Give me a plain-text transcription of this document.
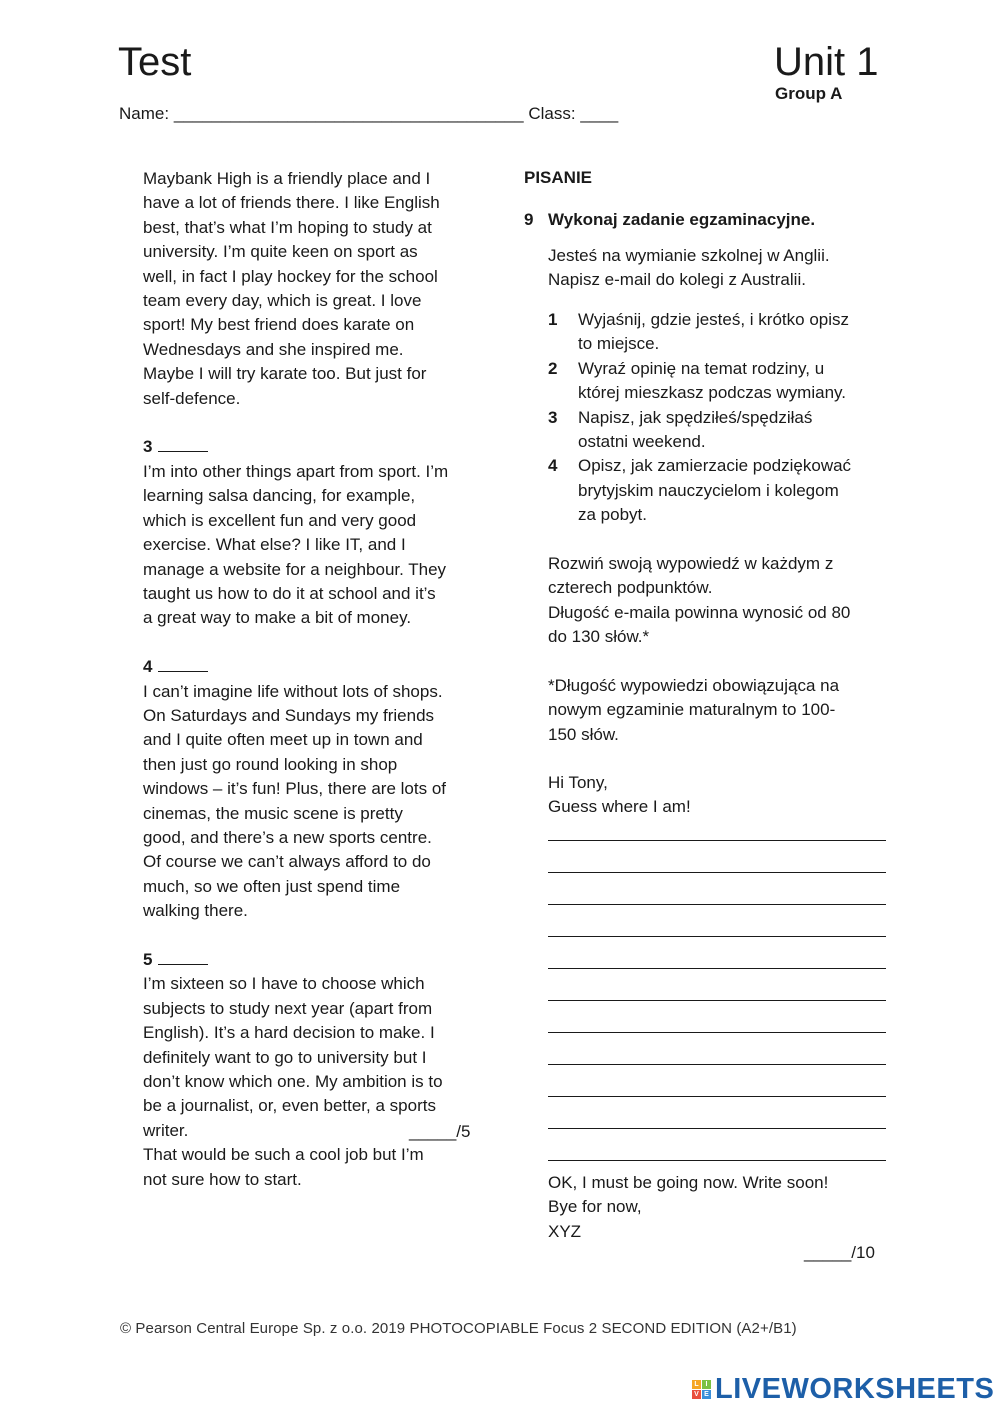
Test	Unit 1
Group A
Name: _____________________________________ Class: ____
Maybank High is a friendly place and I
have a lot of friends there. I like English
best, that’s what I’m hoping to study at
university. I’m quite keen on sport as
well, in fact I play hockey for the school
team every day, which is great. I love
sport! My best friend does karate on
Wednesdays and she inspired me.
Maybe I will try karate too. But just for
self-defence.

3

I’m into other things apart from sport. I’m
learning salsa dancing, for example,
which is excellent fun and very good
exercise. What else? I like IT, and I
manage a website for a neighbour. They
taught us how to do it at school and it’s
a great way to make a bit of money.

4

I can’t imagine life without lots of shops.
On Saturdays and Sundays my friends
and I quite often meet up in town and
then just go round looking in shop
windows – it’s fun! Plus, there are lots of
cinemas, the music scene is pretty
good, and there’s a new sports centre.
Of course we can’t always afford to do
much, so we often just spend time
walking there.

5

I’m sixteen so I have to choose which
subjects to study next year (apart from
English). It’s a hard decision to make. I
definitely want to go to university but I
don’t know which one. My ambition is to
be a journalist, or, even better, a sports
writer.
That would be such a cool job but I’m
not sure how to start.
_____/5
PISANIE
9 Wykonaj zadanie egzaminacyjne.
Jesteś na wymianie szkolnej w Anglii.
Napisz e-mail do kolegi z Australii.
1 Wyjaśnij, gdzie jesteś, i krótko opisz
to miejsce.
2 Wyraź opinię na temat rodziny, u
której mieszkasz podczas wymiany.
3 Napisz, jak spędziłeś/spędziłaś
ostatni weekend.
4 Opisz, jak zamierzacie podziękować
brytyjskim nauczycielom i kolegom
za pobyt.
Rozwiń swoją wypowiedź w każdym z
czterech podpunktów.
Długość e-maila powinna wynosić od 80
do 130 słów.*
*Długość wypowiedzi obowiązująca na
nowym egzaminie maturalnym to 100-
150 słów.
Hi Tony,
Guess where I am!
OK, I must be going now. Write soon!
Bye for now,
XYZ
_____/10
© Pearson Central Europe Sp. z o.o. 2019 PHOTOCOPIABLE Focus 2 SECOND EDITION (A2+/B1)
L I
V E LIVEWORKSHEETS
